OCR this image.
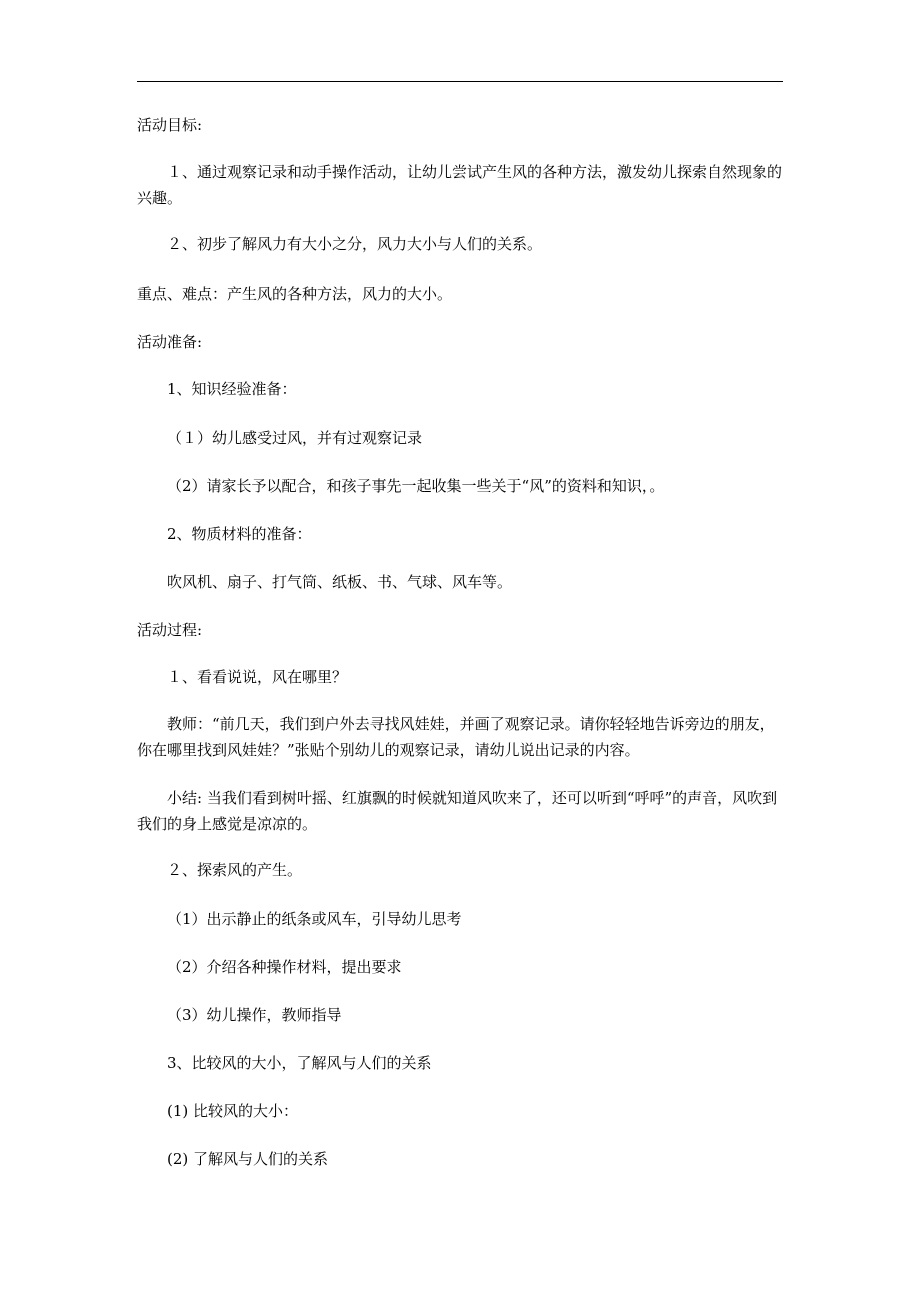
活动目标:
１、通过观察记录和动手操作活动，让幼儿尝试产生风的各种方法，激发幼儿探索自然现象的兴趣。
２、初步了解风力有大小之分，风力大小与人们的关系。
重点、难点：产生风的各种方法，风力的大小。
活动准备:
1、知识经验准备：
（１）幼儿感受过风，并有过观察记录
（2）请家长予以配合，和孩子事先一起收集一些关于“风”的资料和知识，。
2、物质材料的准备：
吹风机、扇子、打气筒、纸板、书、气球、风车等。
活动过程:
１、看看说说，风在哪里？
教师：“前几天，我们到户外去寻找风娃娃，并画了观察记录。请你轻轻地告诉旁边的朋友，你在哪里找到风娃娃？”张贴个别幼儿的观察记录，请幼儿说出记录的内容。
小结: 当我们看到树叶摇、红旗飘的时候就知道风吹来了，还可以听到“呼呼”的声音，风吹到我们的身上感觉是凉凉的。
２、探索风的产生。
（1）出示静止的纸条或风车，引导幼儿思考
（2）介绍各种操作材料，提出要求
（3）幼儿操作，教师指导
3、比较风的大小，了解风与人们的关系
(1) 比较风的大小：
(2) 了解风与人们的关系
